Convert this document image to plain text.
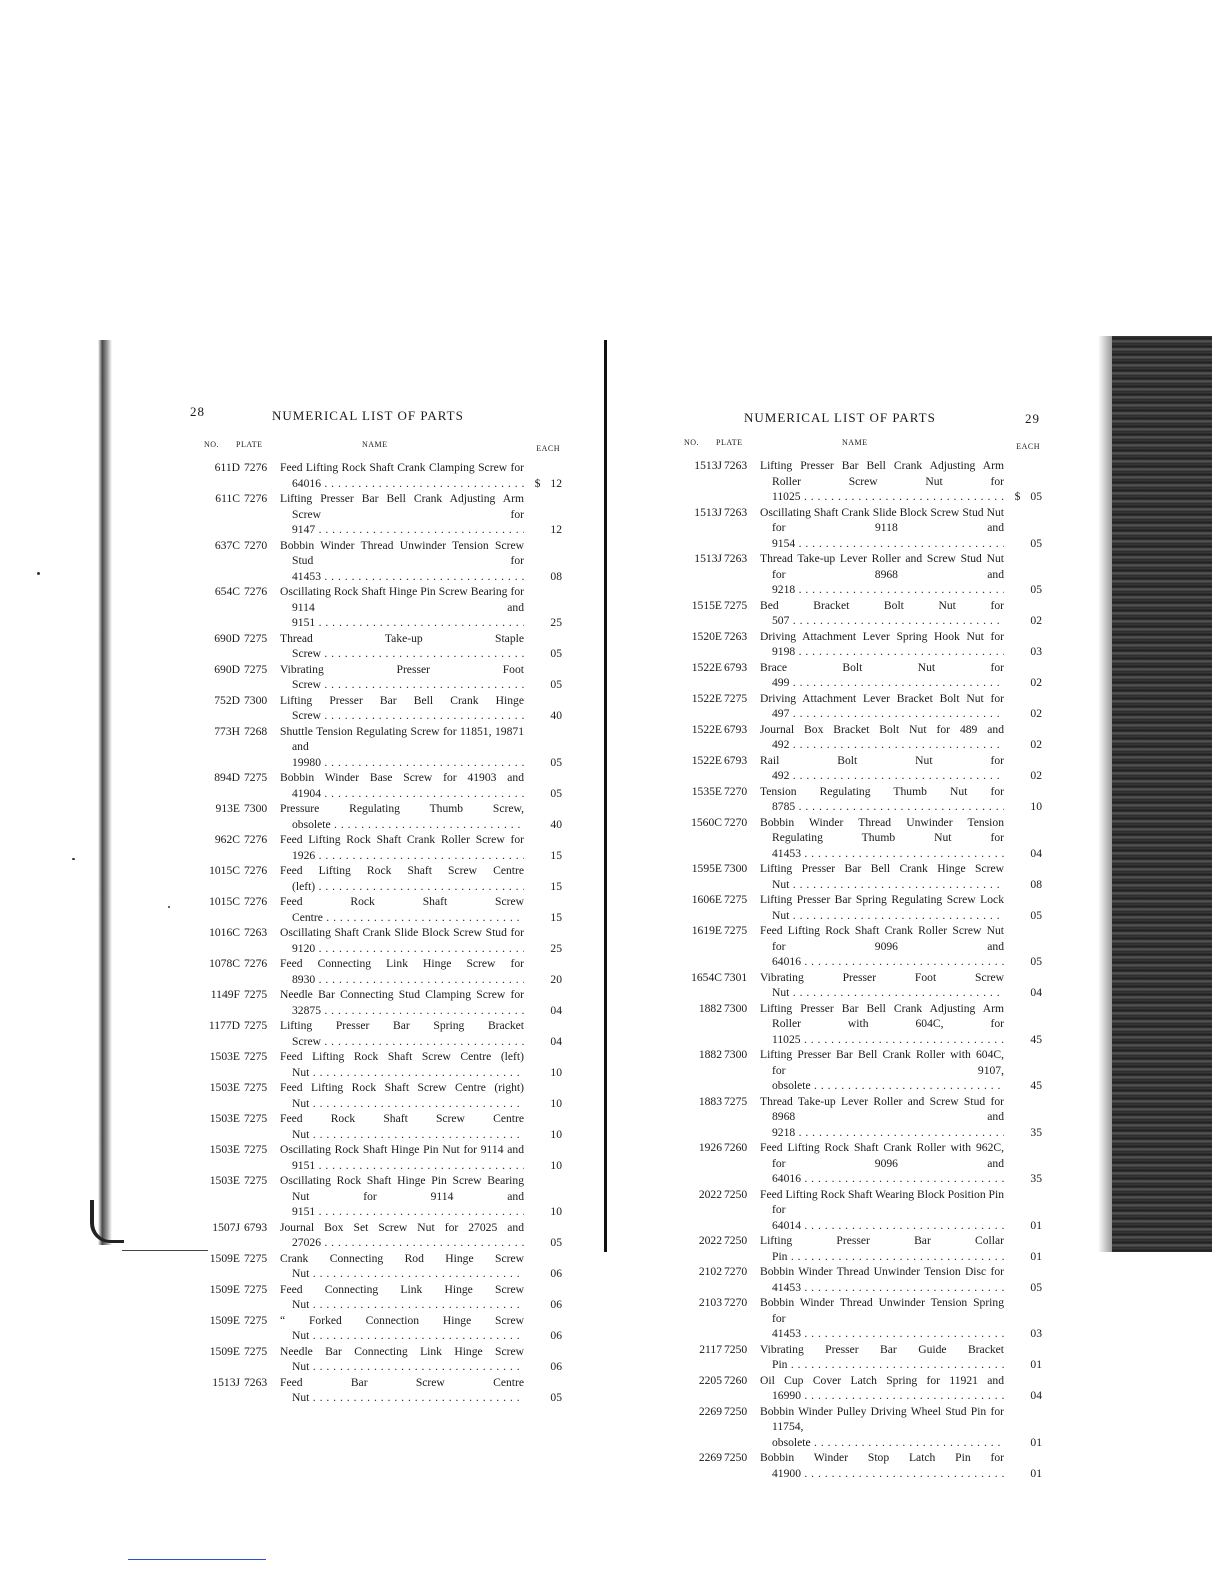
28	NUMERICAL LIST OF PARTS
NO. PLATE	NAME	EACH
611D 7276	Feed Lifting Rock Shaft Crank Clamping Screw for 64016 . . .	$ 12
611C 7276	Lifting Presser Bar Bell Crank Adjusting Arm Screw for 9147 . . .	12
637C 7270	Bobbin Winder Thread Unwinder Tension Screw Stud for 41453 . . .	08
654C 7276	Oscillating Rock Shaft Hinge Pin Screw Bearing for 9114 and 9151 . . .	25
690D 7275	Thread Take-up Staple Screw . . .	05
690D 7275	Vibrating Presser Foot Screw . . .	05
752D 7300	Lifting Presser Bar Bell Crank Hinge Screw . . .	40
773H 7268	Shuttle Tension Regulating Screw for 11851, 19871 and 19980 . . .	05
894D 7275	Bobbin Winder Base Screw for 41903 and 41904 . . .	05
913E 7300	Pressure Regulating Thumb Screw, obsolete . . .	40
962C 7276	Feed Lifting Rock Shaft Crank Roller Screw for 1926 . . .	15
1015C 7276	Feed Lifting Rock Shaft Screw Centre (left) . . .	15
1015C 7276	Feed Rock Shaft Screw Centre . . .	15
1016C 7263	Oscillating Shaft Crank Slide Block Screw Stud for 9120 . . .	25
1078C 7276	Feed Connecting Link Hinge Screw for 8930 . . .	20
1149F 7275	Needle Bar Connecting Stud Clamping Screw for 32875 . . .	04
1177D 7275	Lifting Presser Bar Spring Bracket Screw . . .	04
1503E 7275	Feed Lifting Rock Shaft Screw Centre (left) Nut . . .	10
1503E 7275	Feed Lifting Rock Shaft Screw Centre (right) Nut . . .	10
1503E 7275	Feed Rock Shaft Screw Centre Nut . . .	10
1503E 7275	Oscillating Rock Shaft Hinge Pin Nut for 9114 and 9151 . . .	10
1503E 7275	Oscillating Rock Shaft Hinge Pin Screw Bearing Nut for 9114 and 9151 . . .	10
1507J 6793	Journal Box Set Screw Nut for 27025 and 27026 . . .	05
1509E 7275	Crank Connecting Rod Hinge Screw Nut . . .	06
1509E 7275	Feed Connecting Link Hinge Screw Nut . . .	06
1509E 7275	“ Forked Connection Hinge Screw Nut . . .	06
1509E 7275	Needle Bar Connecting Link Hinge Screw Nut . . .	06
1513J 7263	Feed Bar Screw Centre Nut . . .	05
NUMERICAL LIST OF PARTS	29
NO. PLATE	NAME	EACH
1513J 7263	Lifting Presser Bar Bell Crank Adjusting Arm Roller Screw Nut for 11025 . . .	$ 05
1513J 7263	Oscillating Shaft Crank Slide Block Screw Stud Nut for 9118 and 9154 . . .	05
1513J 7263	Thread Take-up Lever Roller and Screw Stud Nut for 8968 and 9218 . . .	05
1515E 7275	Bed Bracket Bolt Nut for 507 . . .	02
1520E 7263	Driving Attachment Lever Spring Hook Nut for 9198 . . .	03
1522E 6793	Brace Bolt Nut for 499 . . .	02
1522E 7275	Driving Attachment Lever Bracket Bolt Nut for 497 . . .	02
1522E 6793	Journal Box Bracket Bolt Nut for 489 and 492 . . .	02
1522E 6793	Rail Bolt Nut for 492 . . .	02
1535E 7270	Tension Regulating Thumb Nut for 8785 . . .	10
1560C 7270	Bobbin Winder Thread Unwinder Tension Regulating Thumb Nut for 41453 . . .	04
1595E 7300	Lifting Presser Bar Bell Crank Hinge Screw Nut . . .	08
1606E 7275	Lifting Presser Bar Spring Regulating Screw Lock Nut . . .	05
1619E 7275	Feed Lifting Rock Shaft Crank Roller Screw Nut for 9096 and 64016 . . .	05
1654C 7301	Vibrating Presser Foot Screw Nut . . .	04
1882 7300	Lifting Presser Bar Bell Crank Adjusting Arm Roller with 604C, for 11025 . . .	45
1882 7300	Lifting Presser Bar Bell Crank Roller with 604C, for 9107, obsolete . . .	45
1883 7275	Thread Take-up Lever Roller and Screw Stud for 8968 and 9218 . . .	35
1926 7260	Feed Lifting Rock Shaft Crank Roller with 962C, for 9096 and 64016 . . .	35
2022 7250	Feed Lifting Rock Shaft Wearing Block Position Pin for 64014 . . .	01
2022 7250	Lifting Presser Bar Collar Pin . . .	01
2102 7270	Bobbin Winder Thread Unwinder Tension Disc for 41453 . . .	05
2103 7270	Bobbin Winder Thread Unwinder Tension Spring for 41453 . . .	03
2117 7250	Vibrating Presser Bar Guide Bracket Pin . . .	01
2205 7260	Oil Cup Cover Latch Spring for 11921 and 16990 . . .	04
2269 7250	Bobbin Winder Pulley Driving Wheel Stud Pin for 11754, obsolete . . .	01
2269 7250	Bobbin Winder Stop Latch Pin for 41900 . . .	01
